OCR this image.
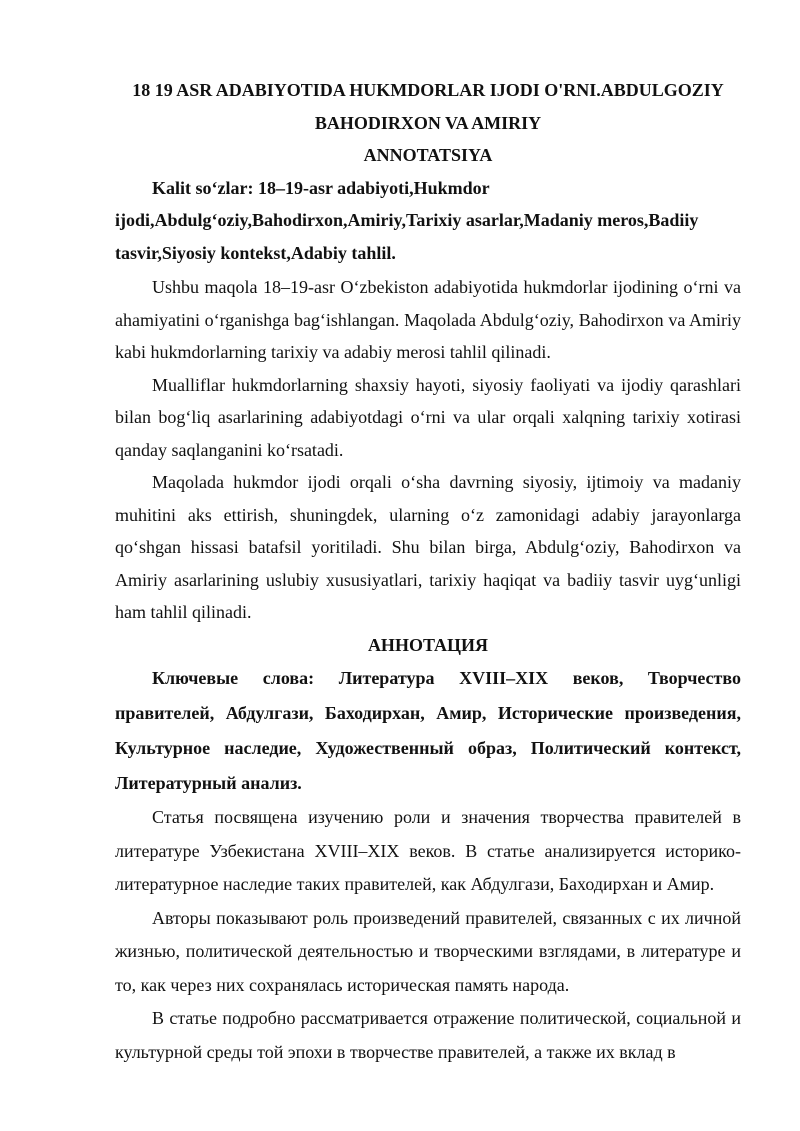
18 19 ASR ADABIYOTIDA HUKMDORLAR IJODI O'RNI.ABDULGOZIY

BAHODIRXON VA AMIRIY

ANNOTATSIYA

Kalit so‘zlar: 18–19-asr adabiyoti,Hukmdor
ijodi,Abdulg‘oziy,Bahodirxon,Amiriy,Tarixiy asarlar,Madaniy meros,Badiiy tasvir,Siyosiy kontekst,Adabiy tahlil.

Ushbu maqola 18–19-asr O‘zbekiston adabiyotida hukmdorlar ijodining o‘rni va ahamiyatini o‘rganishga bag‘ishlangan. Maqolada Abdulg‘oziy, Bahodirxon va Amiriy kabi hukmdorlarning tarixiy va adabiy merosi tahlil qilinadi.

Mualliflar hukmdorlarning shaxsiy hayoti, siyosiy faoliyati va ijodiy qarashlari bilan bog‘liq asarlarining adabiyotdagi o‘rni va ular orqali xalqning tarixiy xotirasi qanday saqlanganini ko‘rsatadi.

Maqolada hukmdor ijodi orqali o‘sha davrning siyosiy, ijtimoiy va madaniy muhitini aks ettirish, shuningdek, ularning o‘z zamonidagi adabiy jarayonlarga qo‘shgan hissasi batafsil yoritiladi. Shu bilan birga, Abdulg‘oziy, Bahodirxon va Amiriy asarlarining uslubiy xususiyatlari, tarixiy haqiqat va badiiy tasvir uyg‘unligi ham tahlil qilinadi.

АННОТАЦИЯ

Ключевые слова: Литература XVIII–XIX веков, Творчество правителей, Абдулгази, Баходирхан, Амир, Исторические произведения, Культурное наследие, Художественный образ, Политический контекст, Литературный анализ.

Статья посвящена изучению роли и значения творчества правителей в литературе Узбекистана XVIII–XIX веков. В статье анализируется историко-литературное наследие таких правителей, как Абдулгази, Баходирхан и Амир.

Авторы показывают роль произведений правителей, связанных с их личной жизнью, политической деятельностью и творческими взглядами, в литературе и то, как через них сохранялась историческая память народа.

В статье подробно рассматривается отражение политической, социальной и культурной среды той эпохи в творчестве правителей, а также их вклад в
